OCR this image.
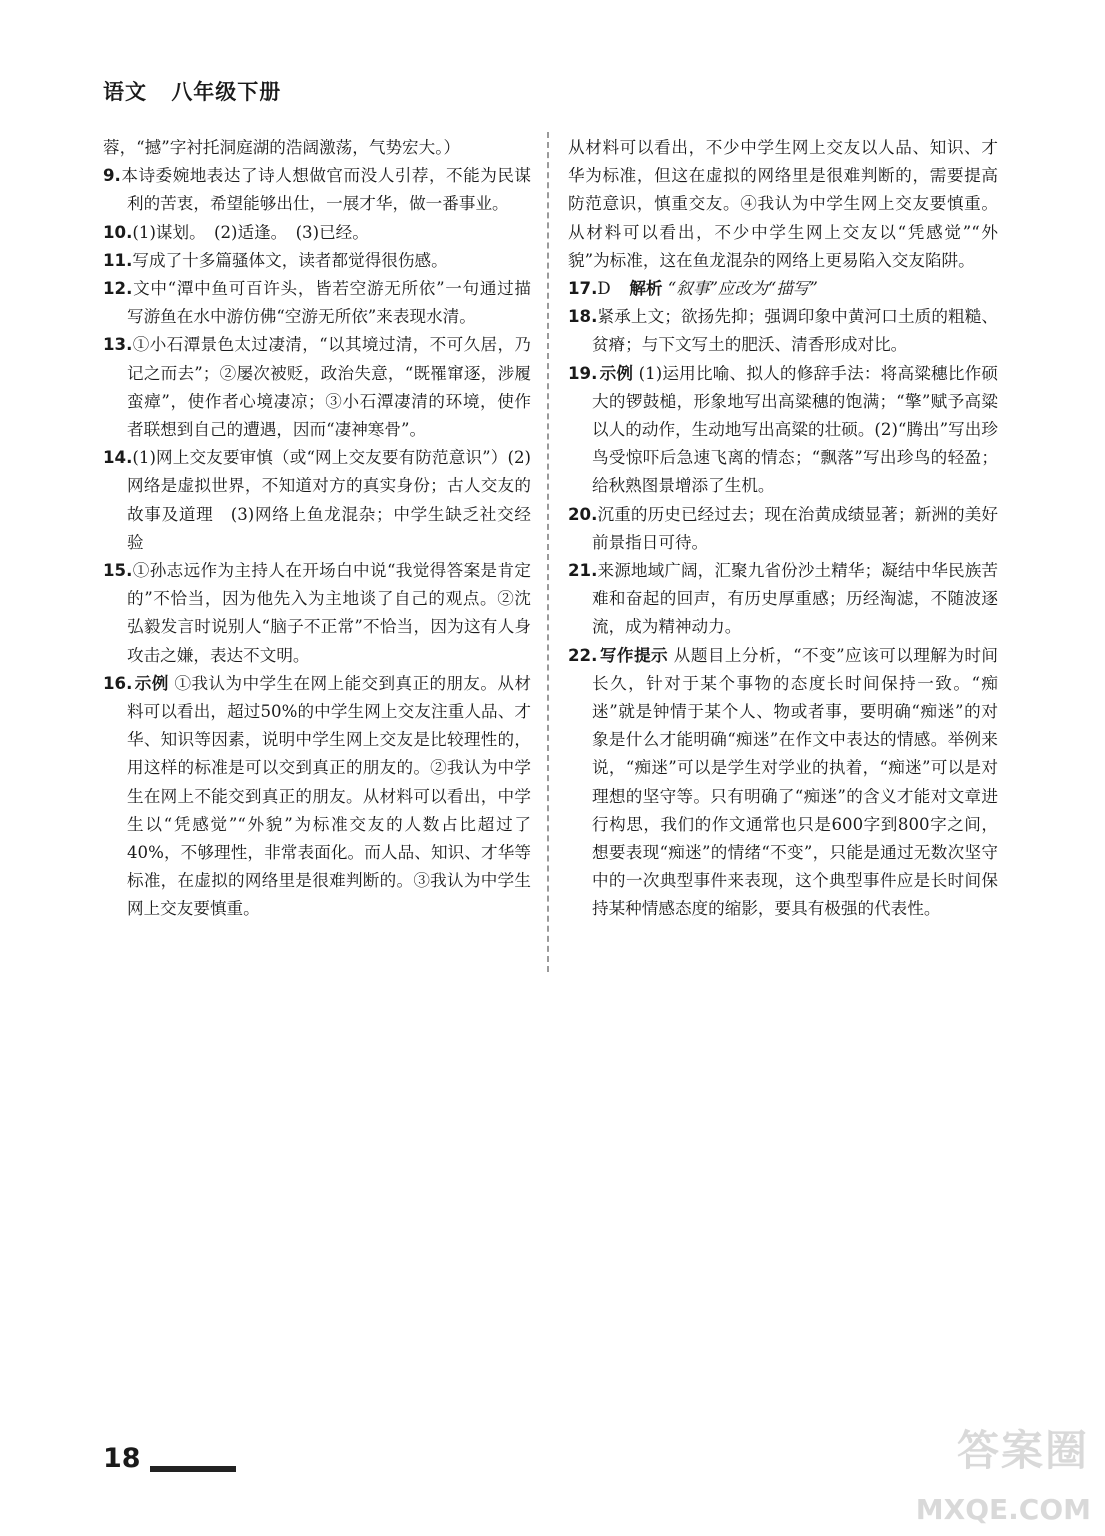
语文 八年级下册

蓉，“撼”字衬托洞庭湖的浩阔激荡，气势宏大。）

9.本诗委婉地表达了诗人想做官而没人引荐，不能为民谋利的苦衷，希望能够出仕，一展才华，做一番事业。

10.(1)谋划。　(2)适逢。　(3)已经。

11.写成了十多篇骚体文，读者都觉得很伤感。

12.文中“潭中鱼可百许头，皆若空游无所依”一句通过描写游鱼在水中游仿佛“空游无所依”来表现水清。

13.①小石潭景色太过凄清，“以其境过清，不可久居，乃记之而去”；②屡次被贬，政治失意，“既罹窜逐，涉履蛮瘴”，使作者心境凄凉；③小石潭凄清的环境，使作者联想到自己的遭遇，因而“凄神寒骨”。

14.(1)网上交友要审慎（或“网上交友要有防范意识”）(2)网络是虚拟世界，不知道对方的真实身份；古人交友的故事及道理　(3)网络上鱼龙混杂；中学生缺乏社交经验

15.①孙志远作为主持人在开场白中说“我觉得答案是肯定的”不恰当，因为他先入为主地谈了自己的观点。②沈弘毅发言时说别人“脑子不正常”不恰当，因为这有人身攻击之嫌，表达不文明。

16. 示例 ①我认为中学生在网上能交到真正的朋友。从材料可以看出，超过50%的中学生网上交友注重人品、才华、知识等因素，说明中学生网上交友是比较理性的，用这样的标准是可以交到真正的朋友的。②我认为中学生在网上不能交到真正的朋友。从材料可以看出，中学生以“凭感觉”“外貌”为标准交友的人数占比超过了40%，不够理性，非常表面化。而人品、知识、才华等标准，在虚拟的网络里是很难判断的。③我认为中学生网上交友要慎重。

从材料可以看出，不少中学生网上交友以人品、知识、才华为标准，但这在虚拟的网络里是很难判断的，需要提高防范意识，慎重交友。④我认为中学生网上交友要慎重。从材料可以看出，不少中学生网上交友以“凭感觉”“外貌”为标准，这在鱼龙混杂的网络上更易陷入交友陷阱。

17.D　 解析 “叙事”应改为“描写”

18.紧承上文；欲扬先抑；强调印象中黄河口土质的粗糙、贫瘠；与下文写土的肥沃、清香形成对比。

19. 示例 (1)运用比喻、拟人的修辞手法：将高粱穗比作硕大的锣鼓槌，形象地写出高粱穗的饱满；“擎”赋予高粱以人的动作，生动地写出高粱的壮硕。(2)“腾出”写出珍鸟受惊吓后急速飞离的情态；“飘落”写出珍鸟的轻盈；给秋熟图景增添了生机。

20.沉重的历史已经过去；现在治黄成绩显著；新洲的美好前景指日可待。

21.来源地域广阔，汇聚九省份沙土精华；凝结中华民族苦难和奋起的回声，有历史厚重感；历经淘滤，不随波逐流，成为精神动力。

22. 写作提示 从题目上分析，“不变”应该可以理解为时间长久，针对于某个事物的态度长时间保持一致。“痴迷”就是钟情于某个人、物或者事，要明确“痴迷”的对象是什么才能明确“痴迷”在作文中表达的情感。举例来说，“痴迷”可以是学生对学业的执着，“痴迷”可以是对理想的坚守等。只有明确了“痴迷”的含义才能对文章进行构思，我们的作文通常也只是600字到800字之间，想要表现“痴迷”的情绪“不变”，只能是通过无数次坚守中的一次典型事件来表现，这个典型事件应是长时间保持某种情感态度的缩影，要具有极强的代表性。

18	答案圈
MXQE.COM
